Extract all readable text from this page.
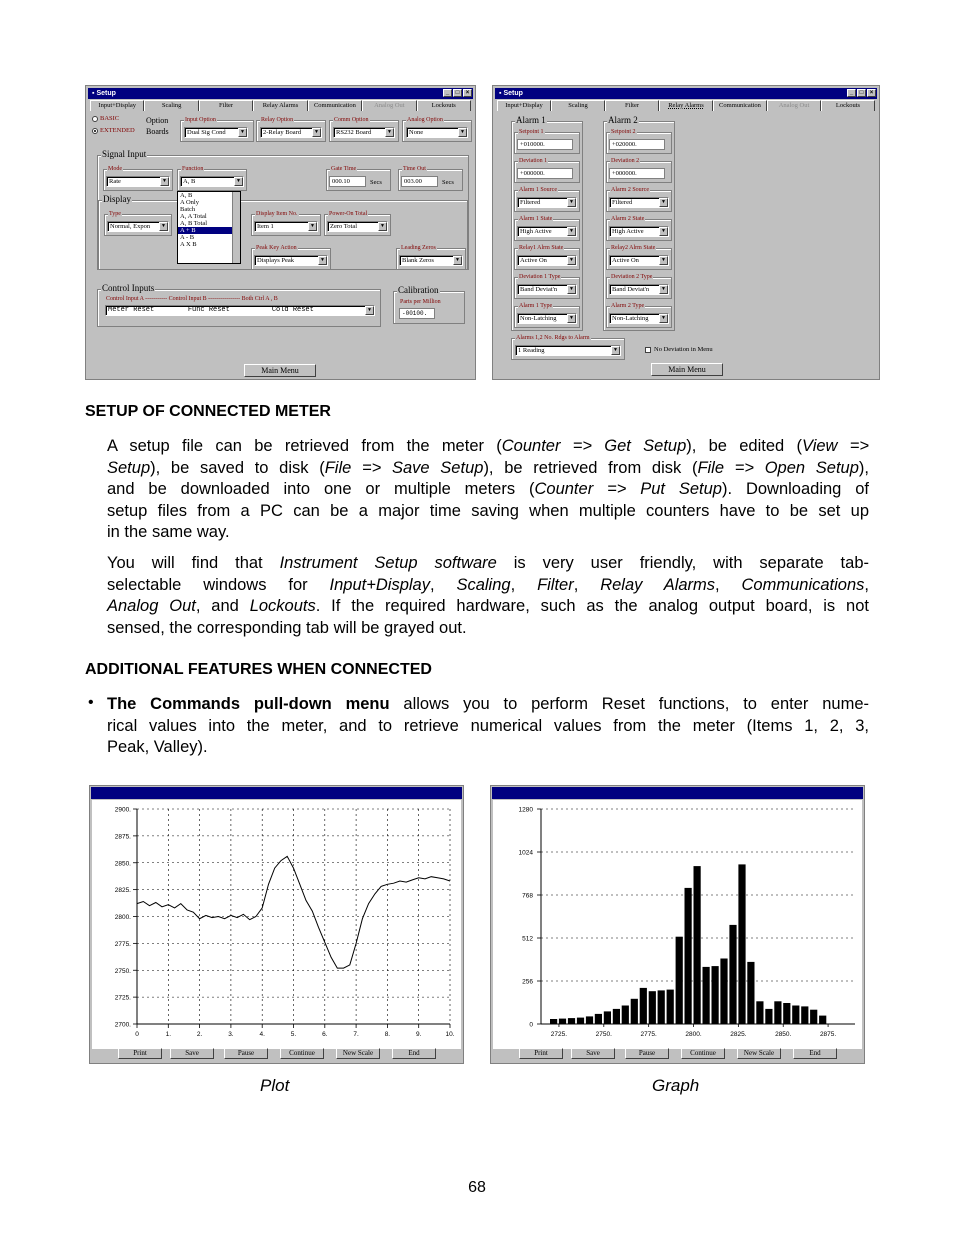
▪ Setup	_	□	×
Input+Display	Scaling	Filter	Relay Alarms	Communication	Analog Out	Lockouts
BASIC
EXTENDED
Option Boards
Input Option
Dual Sig Cond	▼
Relay Option
2-Relay Board	▼
Comm Option
RS232 Board	▼
Analog Option
None	▼
Signal Input
Mode
Rate	▼
Function
A, B	▼
Gate Time
000.10	Secs
Time Out
003.00	Secs
Display
Type
Normal, Expon	▼
Display Item No.
Item 1	▼
Power-On Total
Zero Total	▼
Peak Key Action
Displays Peak	▼
Leading Zeros
Blank Zeros	▼
A, B
A Only
Batch
A, A Total
A, B Total
A + B
A - B
A X B
Control Inputs
Control Input A ----------- Control Input B ---------------- Both Ctrl A , B
Meter Reset        Func Reset          Cold Reset	▼
Calibration
Parts per Million
-00100.
Main Menu
▪ Setup	_	□	×
Input+Display	Scaling	Filter	Relay Alarms	Communication	Analog Out	Lockouts
Alarm 1
Setpoint 1
+010000.
Deviation 1
+000000.
Alarm 1 Source
Filtered	▼
Alarm 1 State
High Active	▼
Relay1 Alrm State
Active On	▼
Deviation 1 Type
Band Deviat'n	▼
Alarm 1 Type
Non-Latching	▼
Alarm 2
Setpoint 2
+020000.
Deviation 2
+000000.
Alarm 2 Source
Filtered	▼
Alarm 2 State
High Active	▼
Relay2 Alrm State
Active On	▼
Deviation 2 Type
Band Deviat'n	▼
Alarm 2 Type
Non-Latching	▼
Alarms 1,2 No. Rdgs to Alarm
1 Reading	▼	No Deviation in Menu
Main Menu
SETUP OF CONNECTED METER
A setup file can be retrieved from the meter (Counter => Get Setup), be edited (View =>
Setup), be saved to disk (File => Save Setup), be retrieved from disk (File => Open Setup),
and be downloaded into one or multiple meters (Counter => Put Setup). Downloading of
setup files from a PC can be a major time saving when multiple counters have to be set up
in the same way.
You will find that Instrument Setup software is very user friendly, with separate tab-
selectable windows for Input+Display, Scaling, Filter, Relay Alarms, Communications,
Analog Out, and Lockouts. If the required hardware, such as the analog output board, is not
sensed, the corresponding tab will be grayed out.
ADDITIONAL FEATURES WHEN CONNECTED
• The Commands pull-down menu allows you to perform Reset functions, to enter nume-
rical values into the meter, and to retrieve numerical values from the meter (Items 1, 2, 3,
Peak, Valley).
2900.
2875.
2850.
2825.
2800.
2775.
2750.
2725.
2700.
0	1.	2.	3.	4.	5.	6.	7.	8.	9.	10.
Print	Save	Pause	Continue	New Scale	End
1280
1024
768
512
256
0
2725.	2750.	2775.	2800.	2825.	2850.	2875.
Print	Save	Pause	Continue	New Scale	End
Plot	Graph
68
